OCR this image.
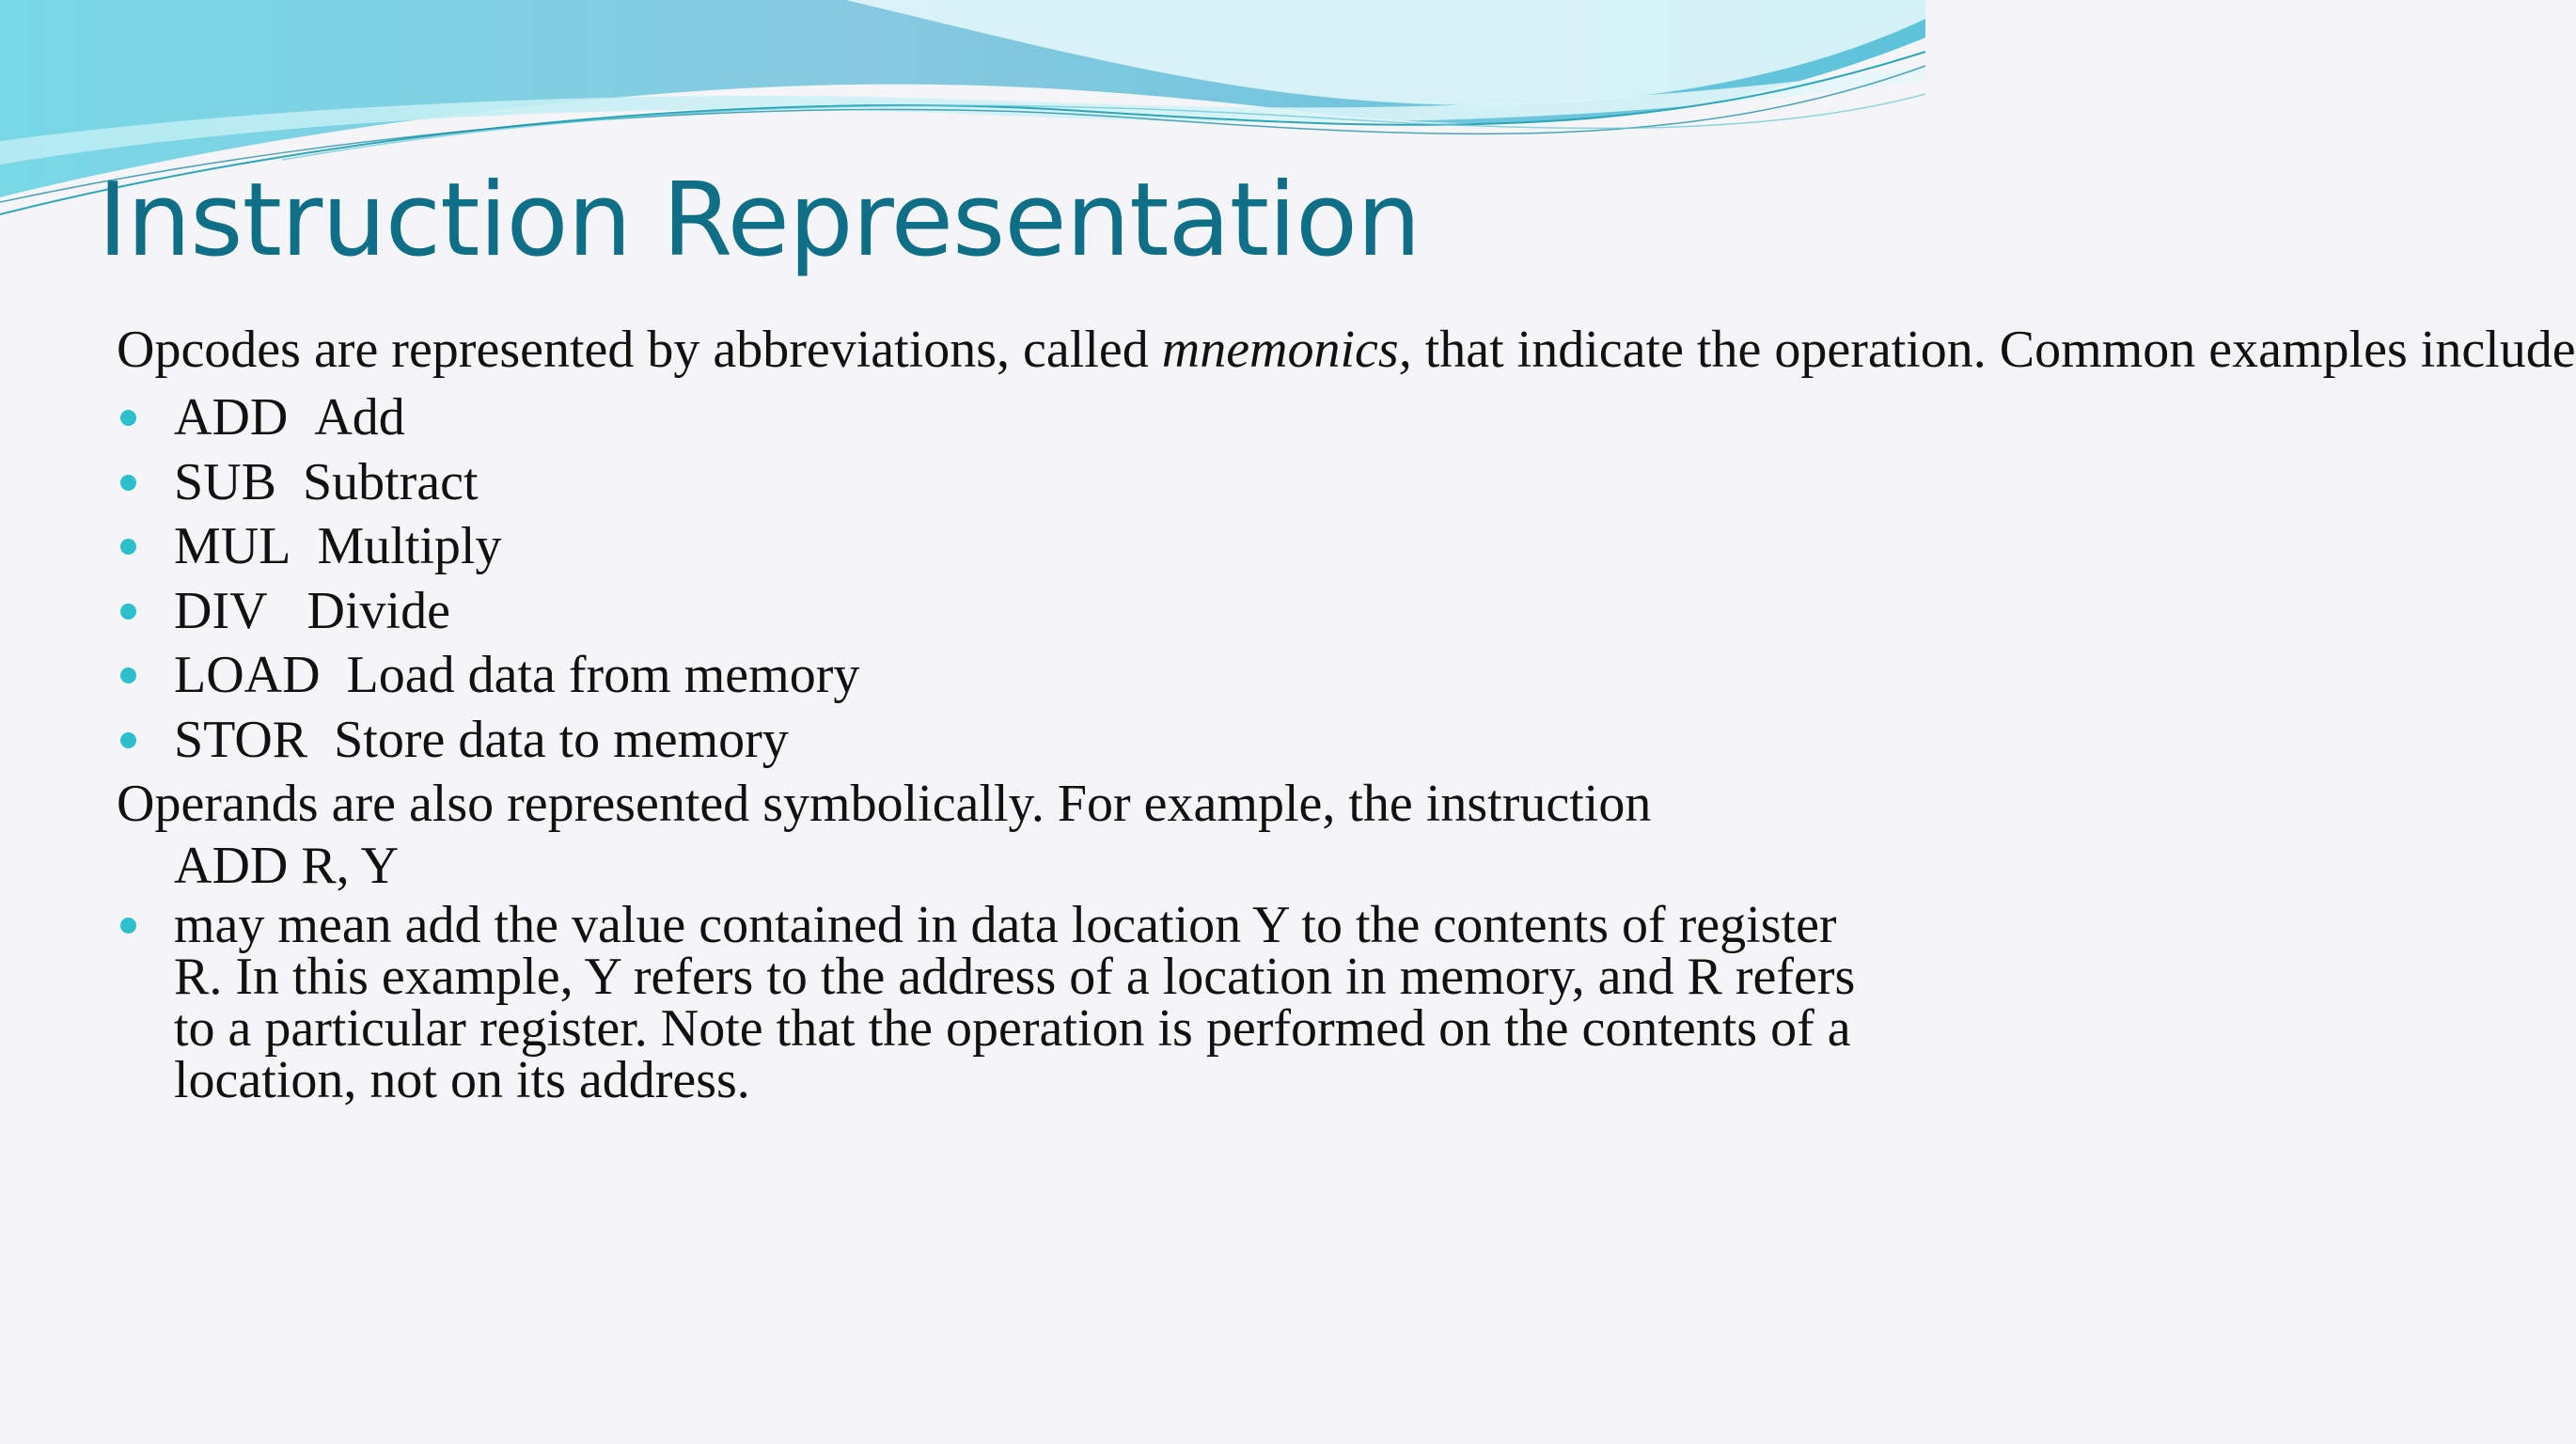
Instruction Representation

Opcodes are represented by abbreviations, called mnemonics, that indicate the operation. Common examples include

ADD Add
SUB Subtract
MUL Multiply
DIV Divide
LOAD Load data from memory
STOR Store data to memory

Operands are also represented symbolically. For example, the instruction

ADD R, Y

may mean add the value contained in data location Y to the contents of register R. In this example, Y refers to the address of a location in memory, and R refers to a particular register. Note that the operation is performed on the contents of a location, not on its address.
